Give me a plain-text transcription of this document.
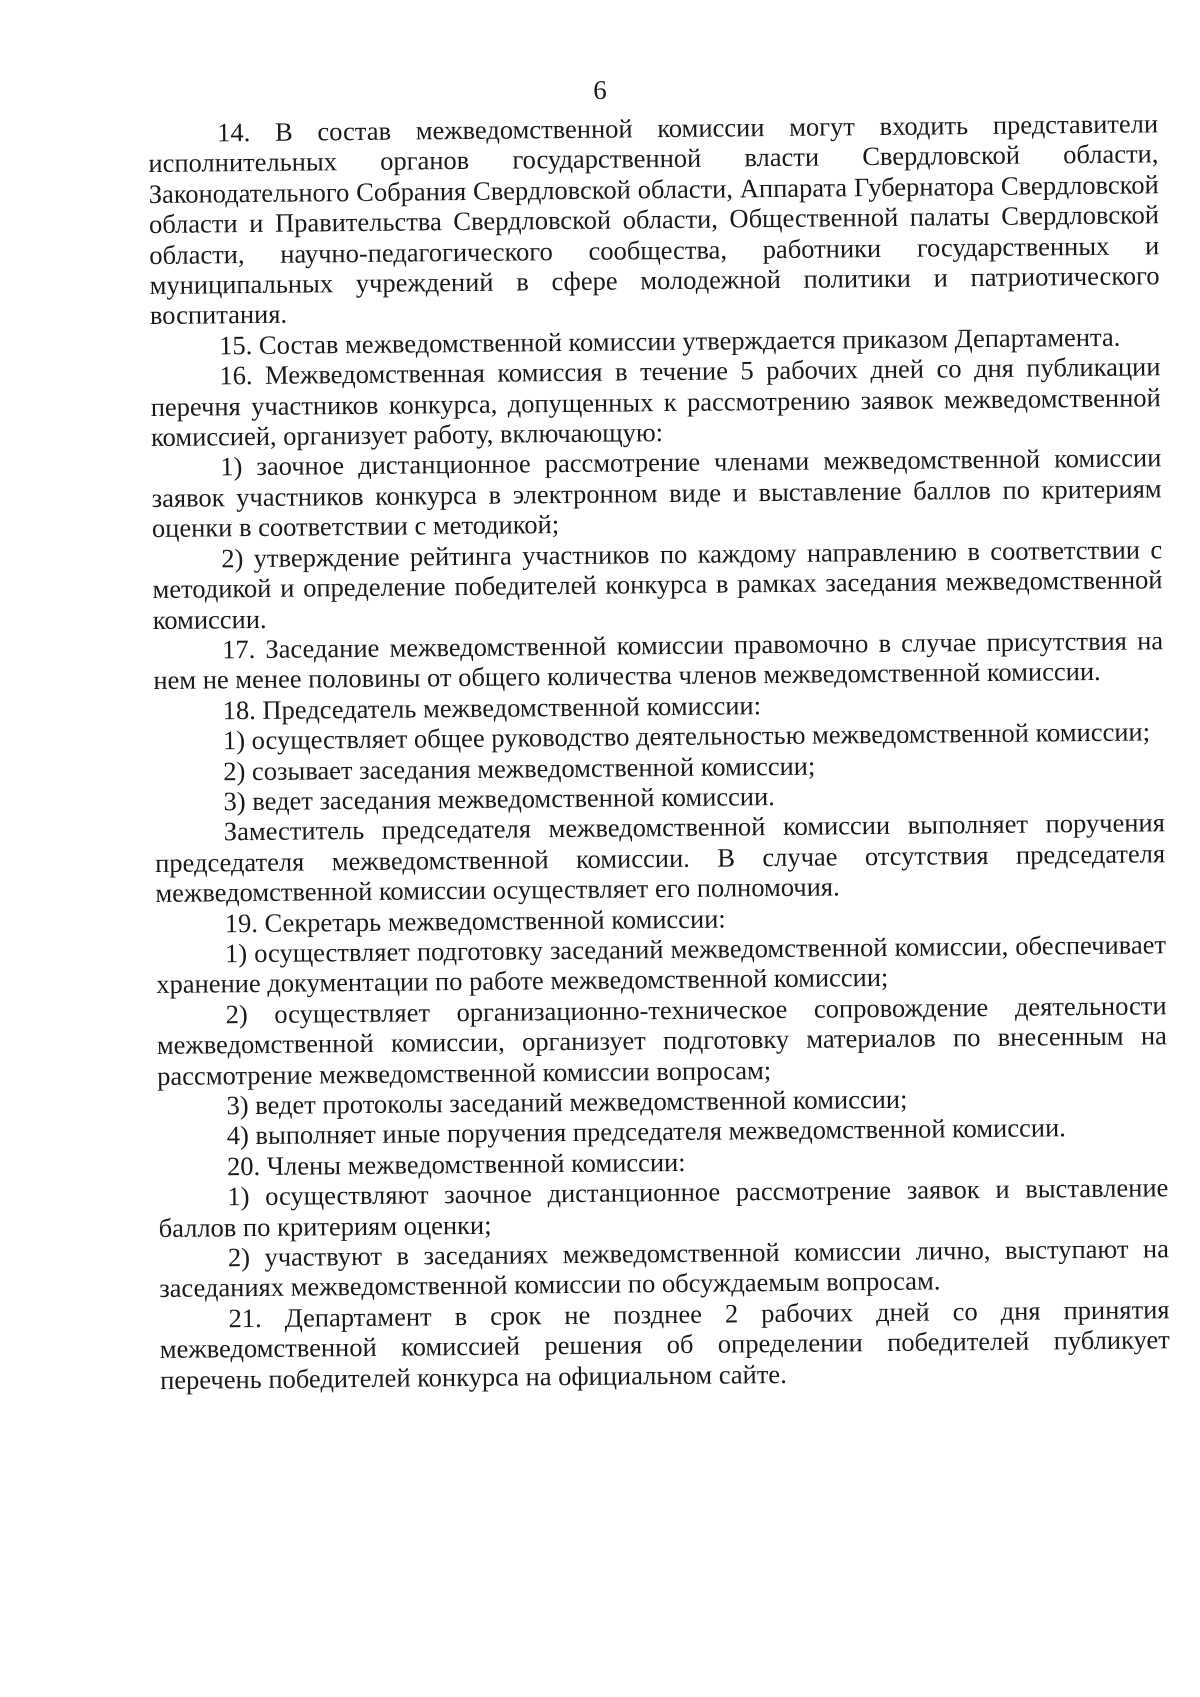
6

14. В состав межведомственной комиссии могут входить представители исполнительных органов государственной власти Свердловской области, Законодательного Собрания Свердловской области, Аппарата Губернатора Свердловской области и Правительства Свердловской области, Общественной палаты Свердловской области, научно-педагогического сообщества, работники государственных и муниципальных учреждений в сфере молодежной политики и патриотического воспитания.

15. Состав межведомственной комиссии утверждается приказом Департамента.

16. Межведомственная комиссия в течение 5 рабочих дней со дня публикации перечня участников конкурса, допущенных к рассмотрению заявок межведомственной комиссией, организует работу, включающую:

1) заочное дистанционное рассмотрение членами межведомственной комиссии заявок участников конкурса в электронном виде и выставление баллов по критериям оценки в соответствии с методикой;

2) утверждение рейтинга участников по каждому направлению в соответствии с методикой и определение победителей конкурса в рамках заседания межведомственной комиссии.

17. Заседание межведомственной комиссии правомочно в случае присутствия на нем не менее половины от общего количества членов межведомственной комиссии.

18. Председатель межведомственной комиссии:

1) осуществляет общее руководство деятельностью межведомственной комиссии;

2) созывает заседания межведомственной комиссии;

3) ведет заседания межведомственной комиссии.

Заместитель председателя межведомственной комиссии выполняет поручения председателя межведомственной комиссии. В случае отсутствия председателя межведомственной комиссии осуществляет его полномочия.

19. Секретарь межведомственной комиссии:

1) осуществляет подготовку заседаний межведомственной комиссии, обеспечивает хранение документации по работе межведомственной комиссии;

2) осуществляет организационно-техническое сопровождение деятельности межведомственной комиссии, организует подготовку материалов по внесенным на рассмотрение межведомственной комиссии вопросам;

3) ведет протоколы заседаний межведомственной комиссии;

4) выполняет иные поручения председателя межведомственной комиссии.

20. Члены межведомственной комиссии:

1) осуществляют заочное дистанционное рассмотрение заявок и выставление баллов по критериям оценки;

2) участвуют в заседаниях межведомственной комиссии лично, выступают на заседаниях межведомственной комиссии по обсуждаемым вопросам.

21. Департамент в срок не позднее 2 рабочих дней со дня принятия межведомственной комиссией решения об определении победителей публикует перечень победителей конкурса на официальном сайте.
